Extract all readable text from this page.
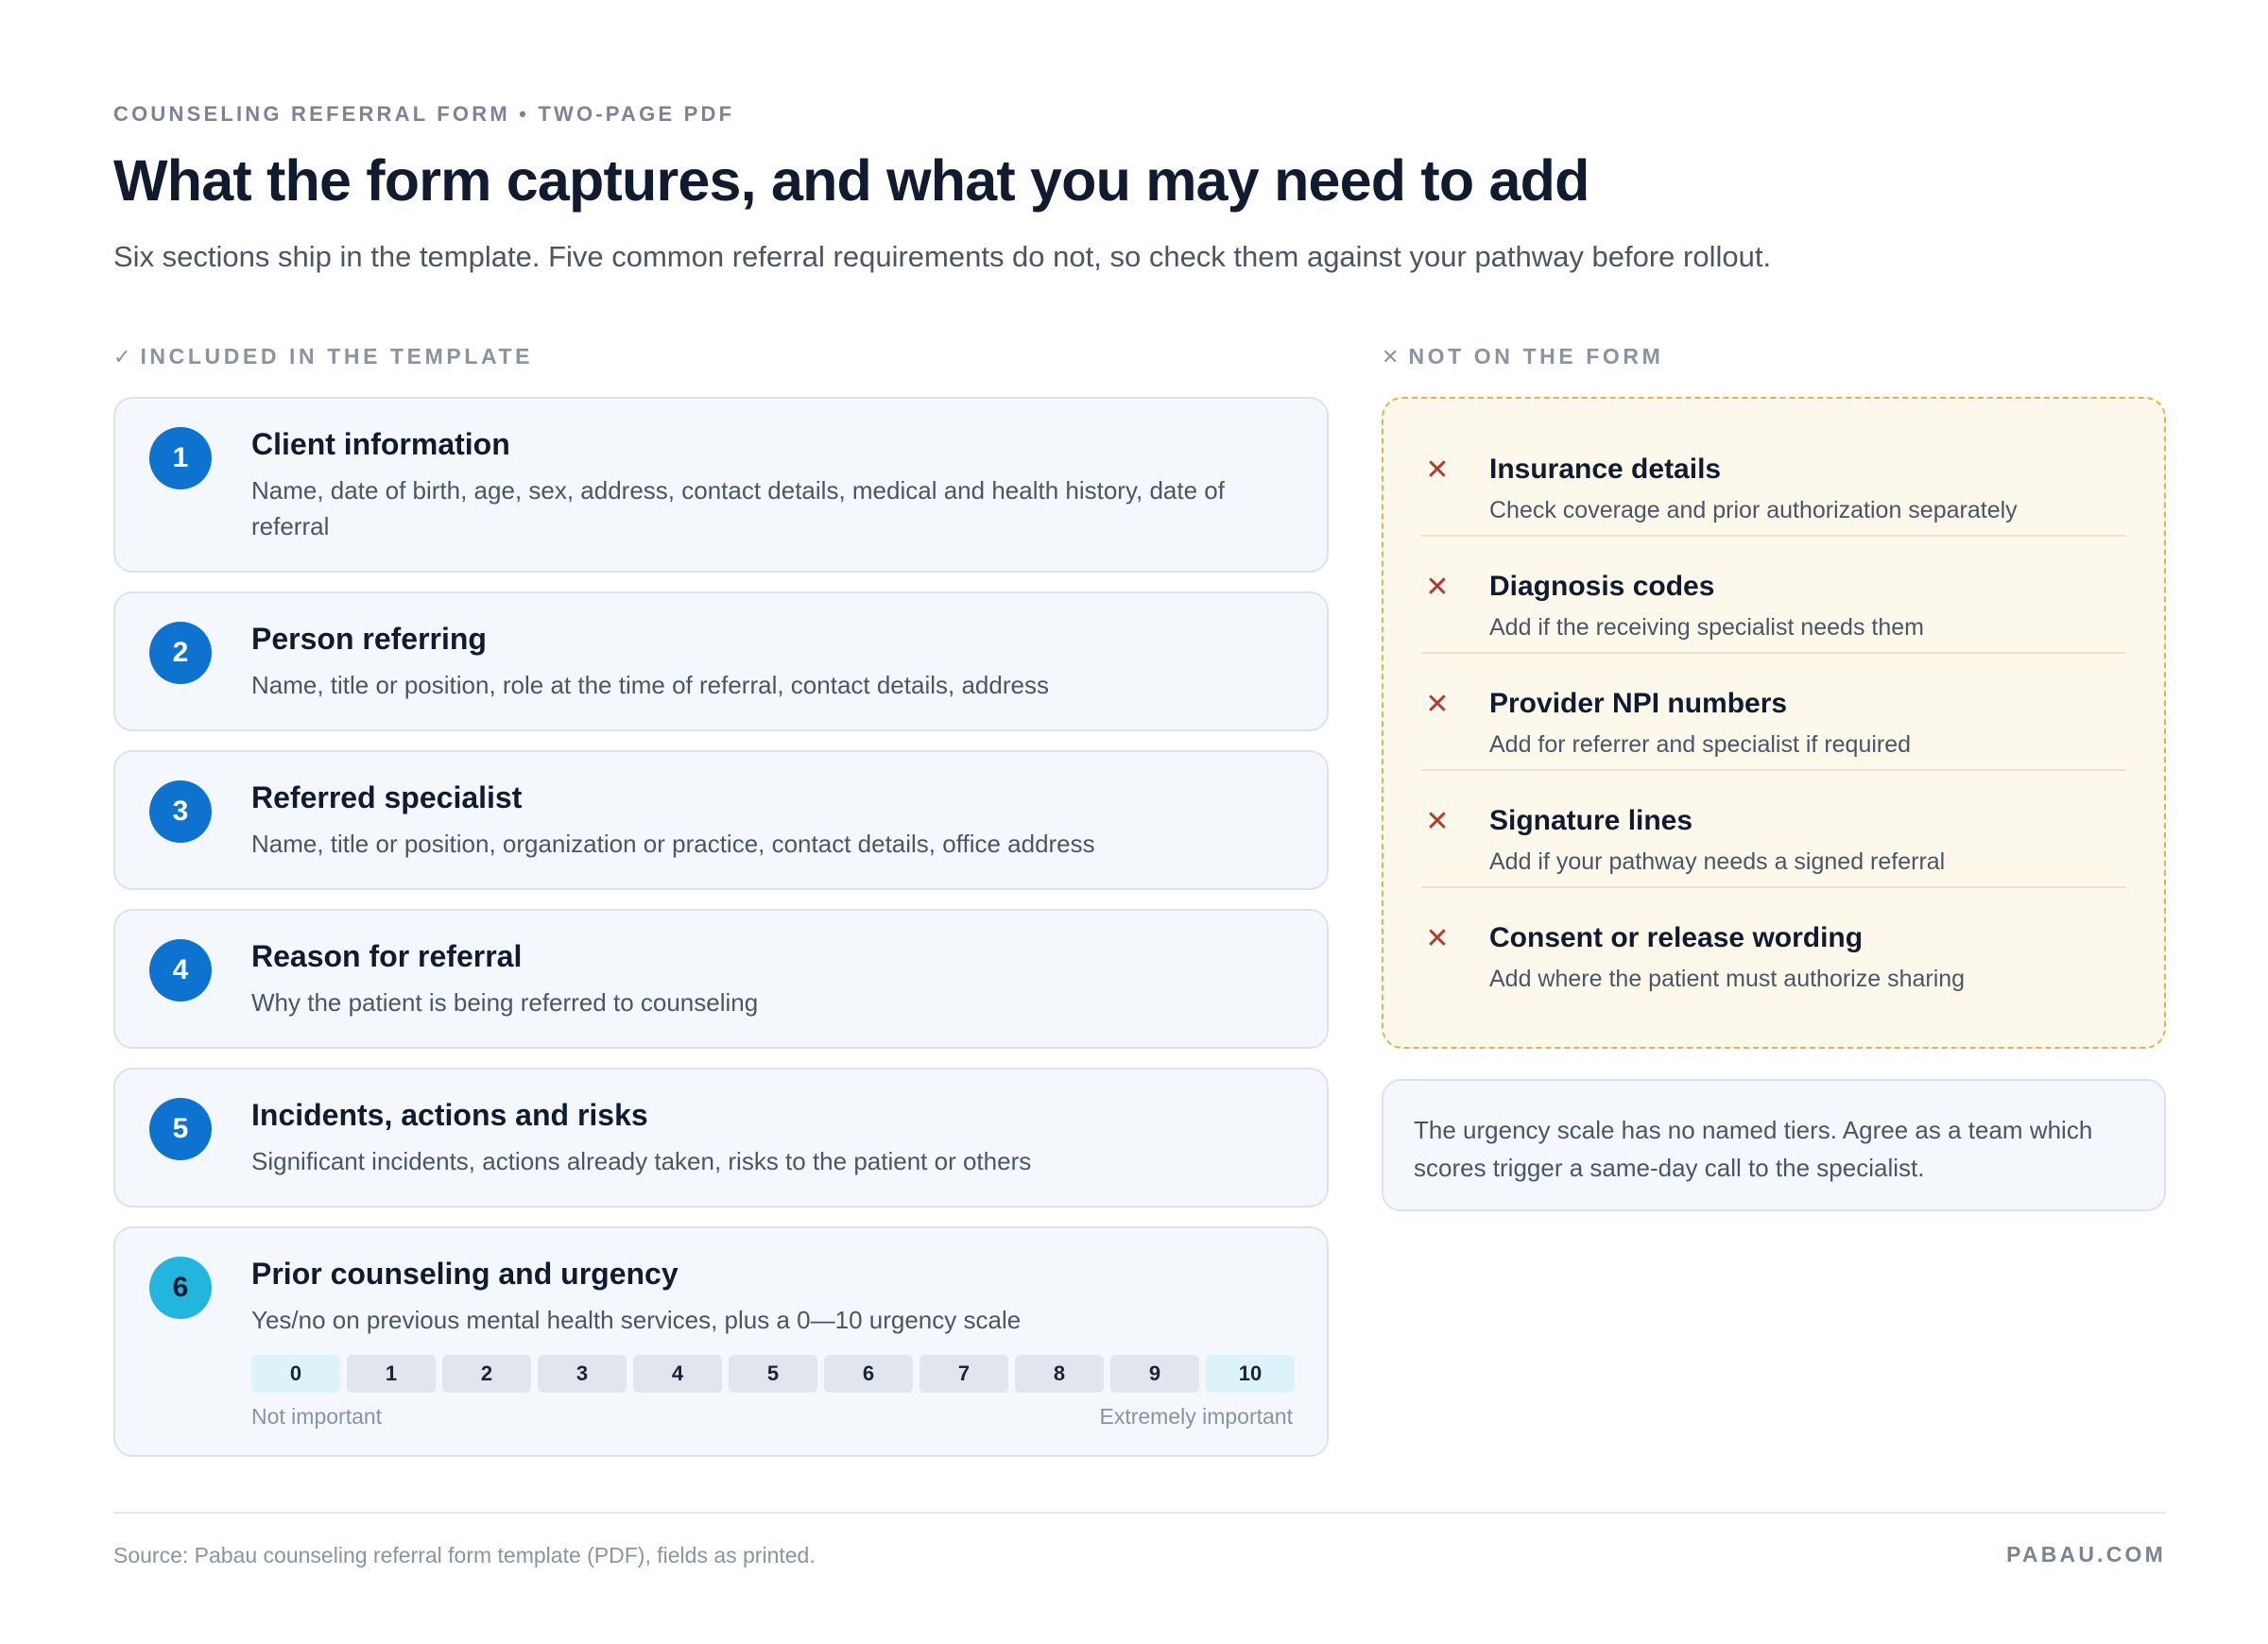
COUNSELING REFERRAL FORM • TWO-PAGE PDF
What the form captures, and what you may need to add

Six sections ship in the template. Five common referral requirements do not, so check them against your pathway before rollout.

✓ INCLUDED IN THE TEMPLATE	✕ NOT ON THE FORM
1	Client information
Name, date of birth, age, sex, address, contact details, medical and health history, date of referral
2	Person referring
Name, title or position, role at the time of referral, contact details, address
3	Referred specialist
Name, title or position, organization or practice, contact details, office address
4	Reason for referral
Why the patient is being referred to counseling
5	Incidents, actions and risks
Significant incidents, actions already taken, risks to the patient or others
6	Prior counseling and urgency
Yes/no on previous mental health services, plus a 0—10 urgency scale
0	1	2	3	4	5	6	7	8	9	10
Not important	Extremely important
✕ Insurance details
Check coverage and prior authorization separately
✕ Diagnosis codes
Add if the receiving specialist needs them
✕ Provider NPI numbers
Add for referrer and specialist if required
✕ Signature lines
Add if your pathway needs a signed referral
✕ Consent or release wording
Add where the patient must authorize sharing
The urgency scale has no named tiers. Agree as a team which scores trigger a same-day call to the specialist.
Source: Pabau counseling referral form template (PDF), fields as printed.	PABAU.COM
